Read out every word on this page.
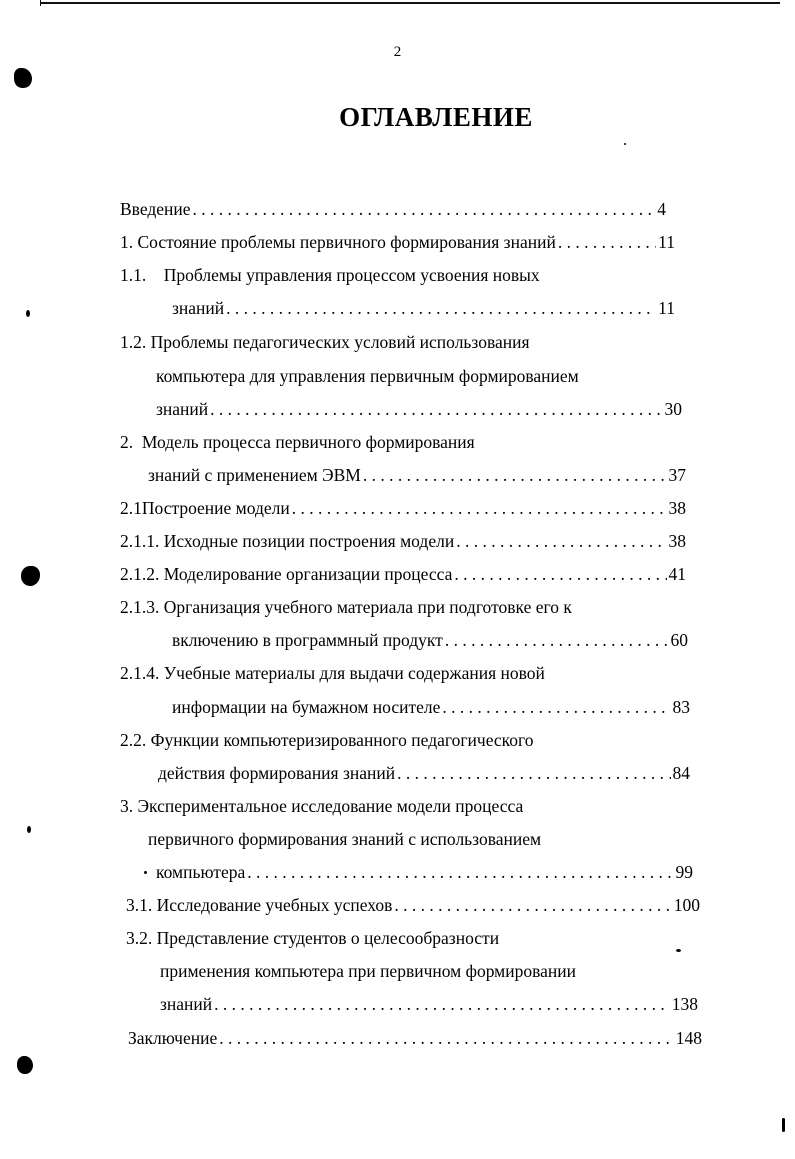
2
ОГЛАВЛЕНИЕ
Введение . . .	4
1. Состояние проблемы первичного формирования знаний . . .	11
1.1. Проблемы управления процессом усвоения новых
знаний . . .	11
1.2. Проблемы педагогических условий использования
компьютера для управления первичным формированием
знаний . . .	30
2. Модель процесса первичного формирования
знаний с применением ЭВМ . . .	37
2.1Построение модели . . .	38
2.1.1. Исходные позиции построения модели . . .	38
2.1.2. Моделирование организации процесса . . .	41
2.1.3. Организация учебного материала при подготовке его к
включению в программный продукт . . .	60
2.1.4. Учебные материалы для выдачи содержания новой
информации на бумажном носителе . . .	83
2.2. Функции компьютеризированного педагогического
действия формирования знаний . . .	84
3. Экспериментальное исследование модели процесса
первичного формирования знаний с использованием
компьютера . . .	99
3.1. Исследование учебных успехов . . .	100
3.2. Представление студентов о целесообразности
применения компьютера при первичном формировании
знаний . . .	138
Заключение . . .	148
